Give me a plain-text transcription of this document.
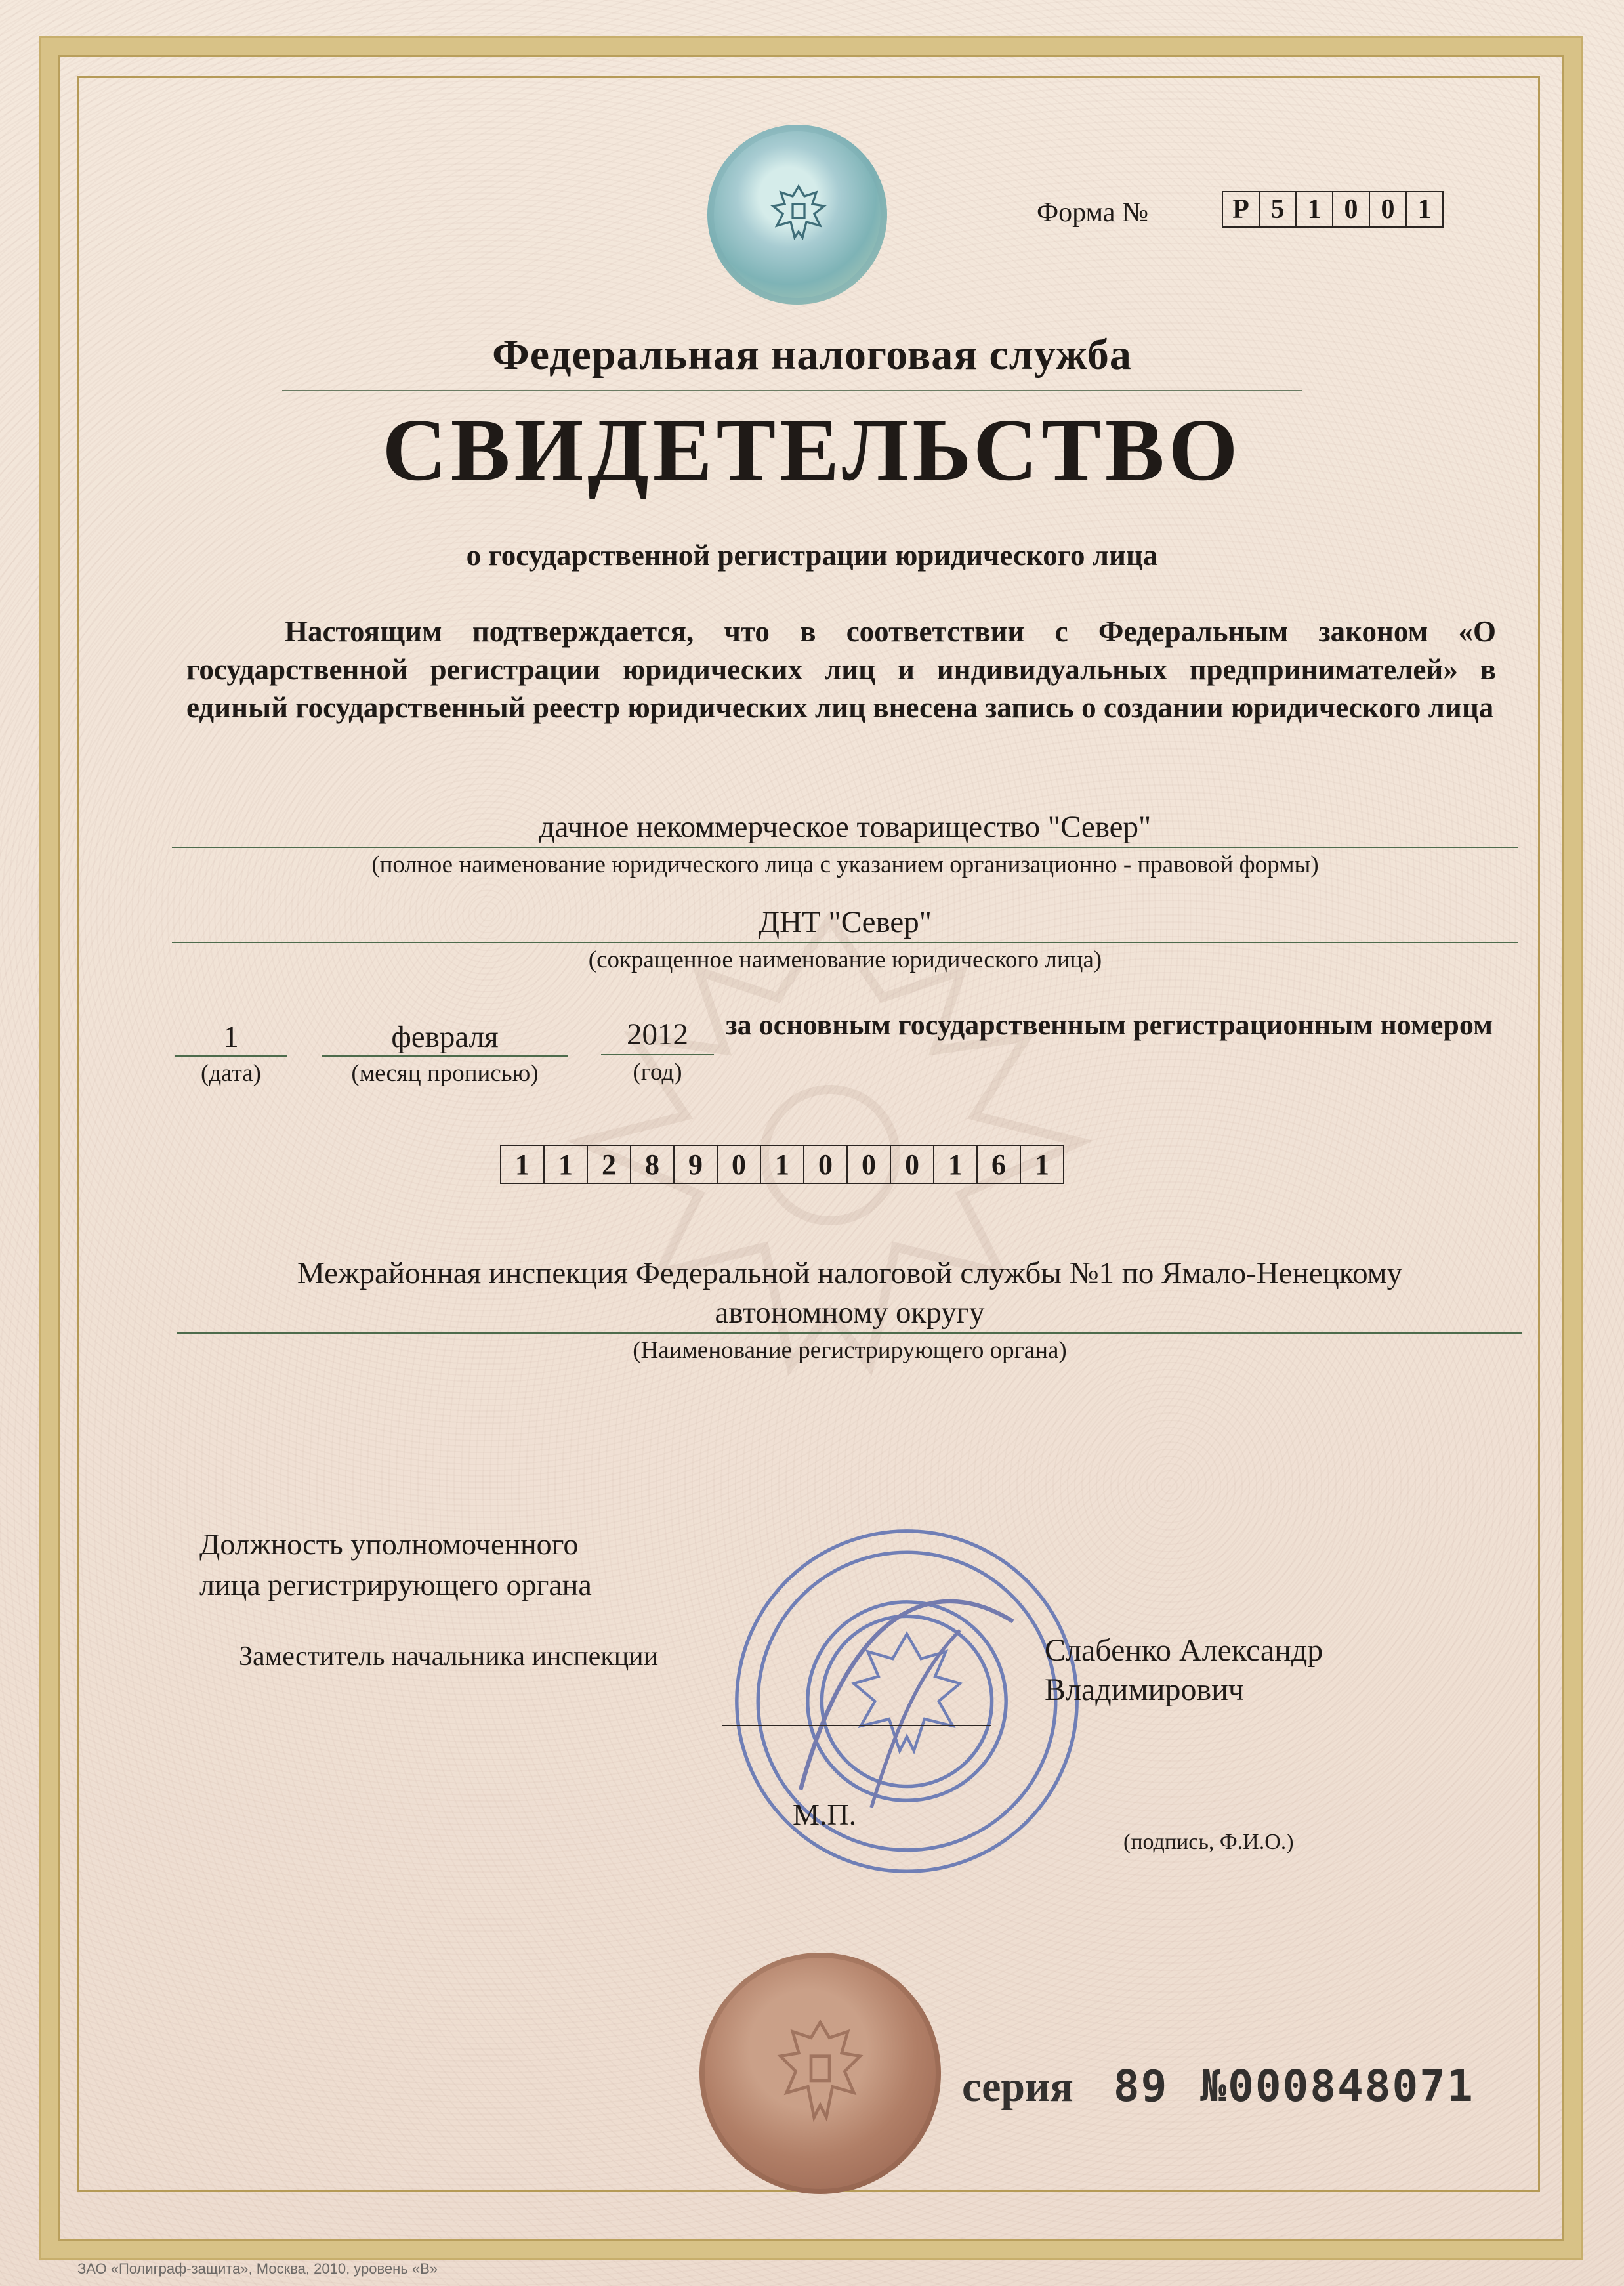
Форма №	Р 5 1 0 0 1
Федеральная налоговая служба
СВИДЕТЕЛЬСТВО
о государственной регистрации юридического лица
Настоящим подтверждается, что в соответствии с Федеральным законом «О государственной регистрации юридических лиц и индивидуальных предпринимателей» в единый государственный реестр юридических лиц внесена запись о создании юридического лица
дачное некоммерческое товарищество "Север"
(полное наименование юридического лица с указанием организационно - правовой формы)
ДНТ "Север"
(сокращенное наименование юридического лица)
1
(дата)
февраля
(месяц прописью)
2012
(год)
за основным государственным регистрационным номером
1	1	2	8	9	0	1	0	0	0	1	6	1
Межрайонная инспекция Федеральной налоговой службы №1 по Ямало-Ненецкому
автономному округу
(Наименование регистрирующего органа)
Должность уполномоченного
лица регистрирующего органа
Заместитель начальника инспекции	Слабенко Александр
Владимирович
М.П.
(подпись, Ф.И.О.)
серия 89 №000848071
ЗАО «Полиграф-защита», Москва, 2010, уровень «В»
